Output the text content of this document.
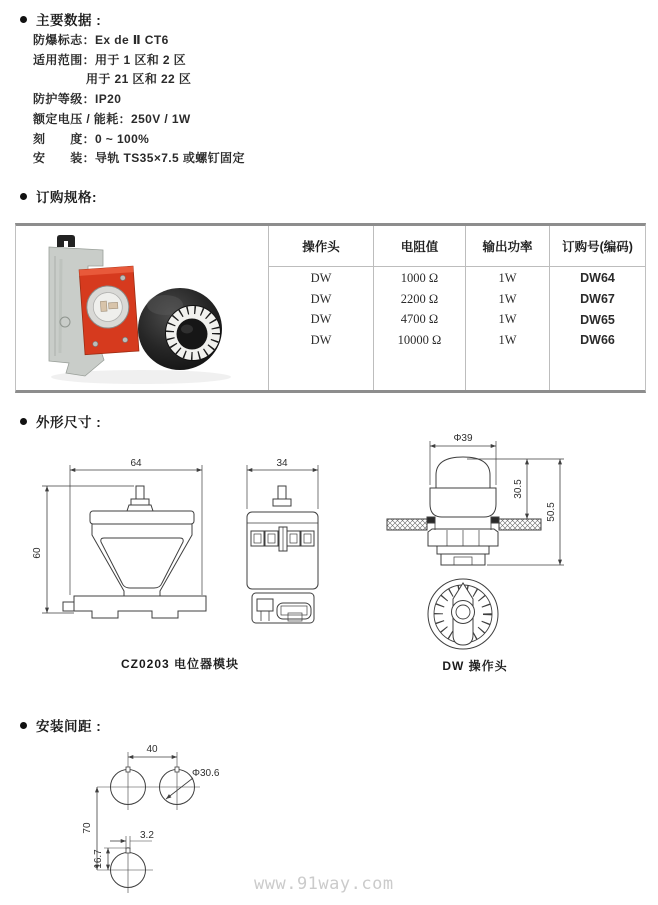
主要数据 :
防爆标志：Ex de Ⅱ CT6
适用范围：用于 1 区和 2 区
用于 21 区和 22 区
防护等级：IP20
额定电压 / 能耗：250V / 1W
刻　　度：0 ~ 100%
安　　装：导轨 TS35×7.5 或螺钉固定
订购规格:
操作头
DW
DW
DW
DW
电阻值
1000 Ω
2200 Ω
4700 Ω
10000 Ω
输出功率
1W
1W
1W
1W
订购号(编码)
DW64
DW67
DW65
DW66
外形尺寸 :
64
60
34
Φ39
30.5
50.5
CZ0203 电位器模块	DW 操作头
安装间距 :
40
Φ30.6
70
3.2
16.7
www.91way.com
